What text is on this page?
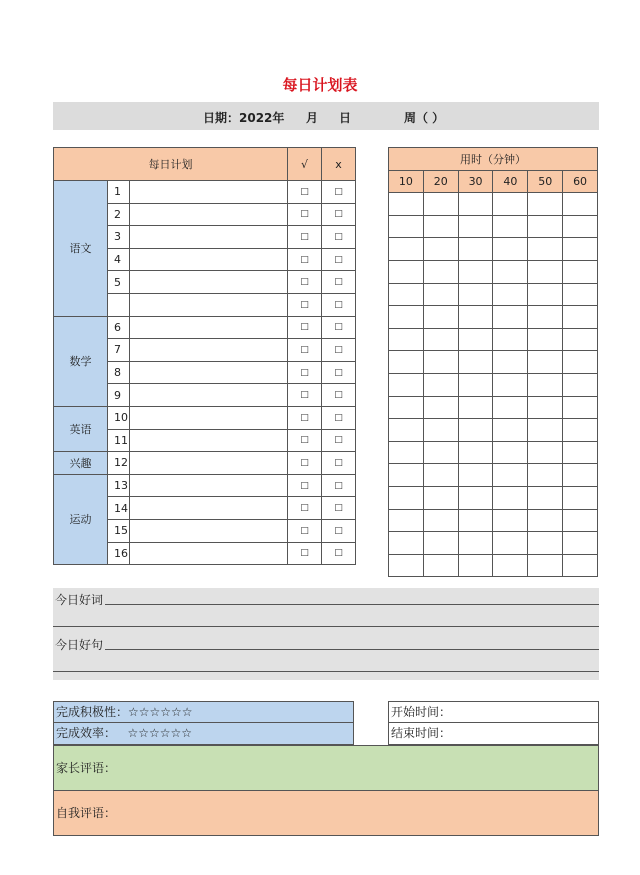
每日计划表
日期：2022年 月 日	周（ ）
每日计划			√	x
语文	1		□	□
	2		□	□
	3		□	□
	4		□	□
	5		□	□
			□	□
数学	6		□	□
	7		□	□
	8		□	□
	9		□	□
英语	10		□	□
	11		□	□
兴趣	12		□	□
运动	13		□	□
	14		□	□
	15		□	□
	16		□	□
用时（分钟）					
10	20	30	40	50	60

今日好词
今日好句
完成积极性：☆☆☆☆☆☆
完成效率：   ☆☆☆☆☆☆
开始时间：
结束时间：
家长评语：
自我评语：
